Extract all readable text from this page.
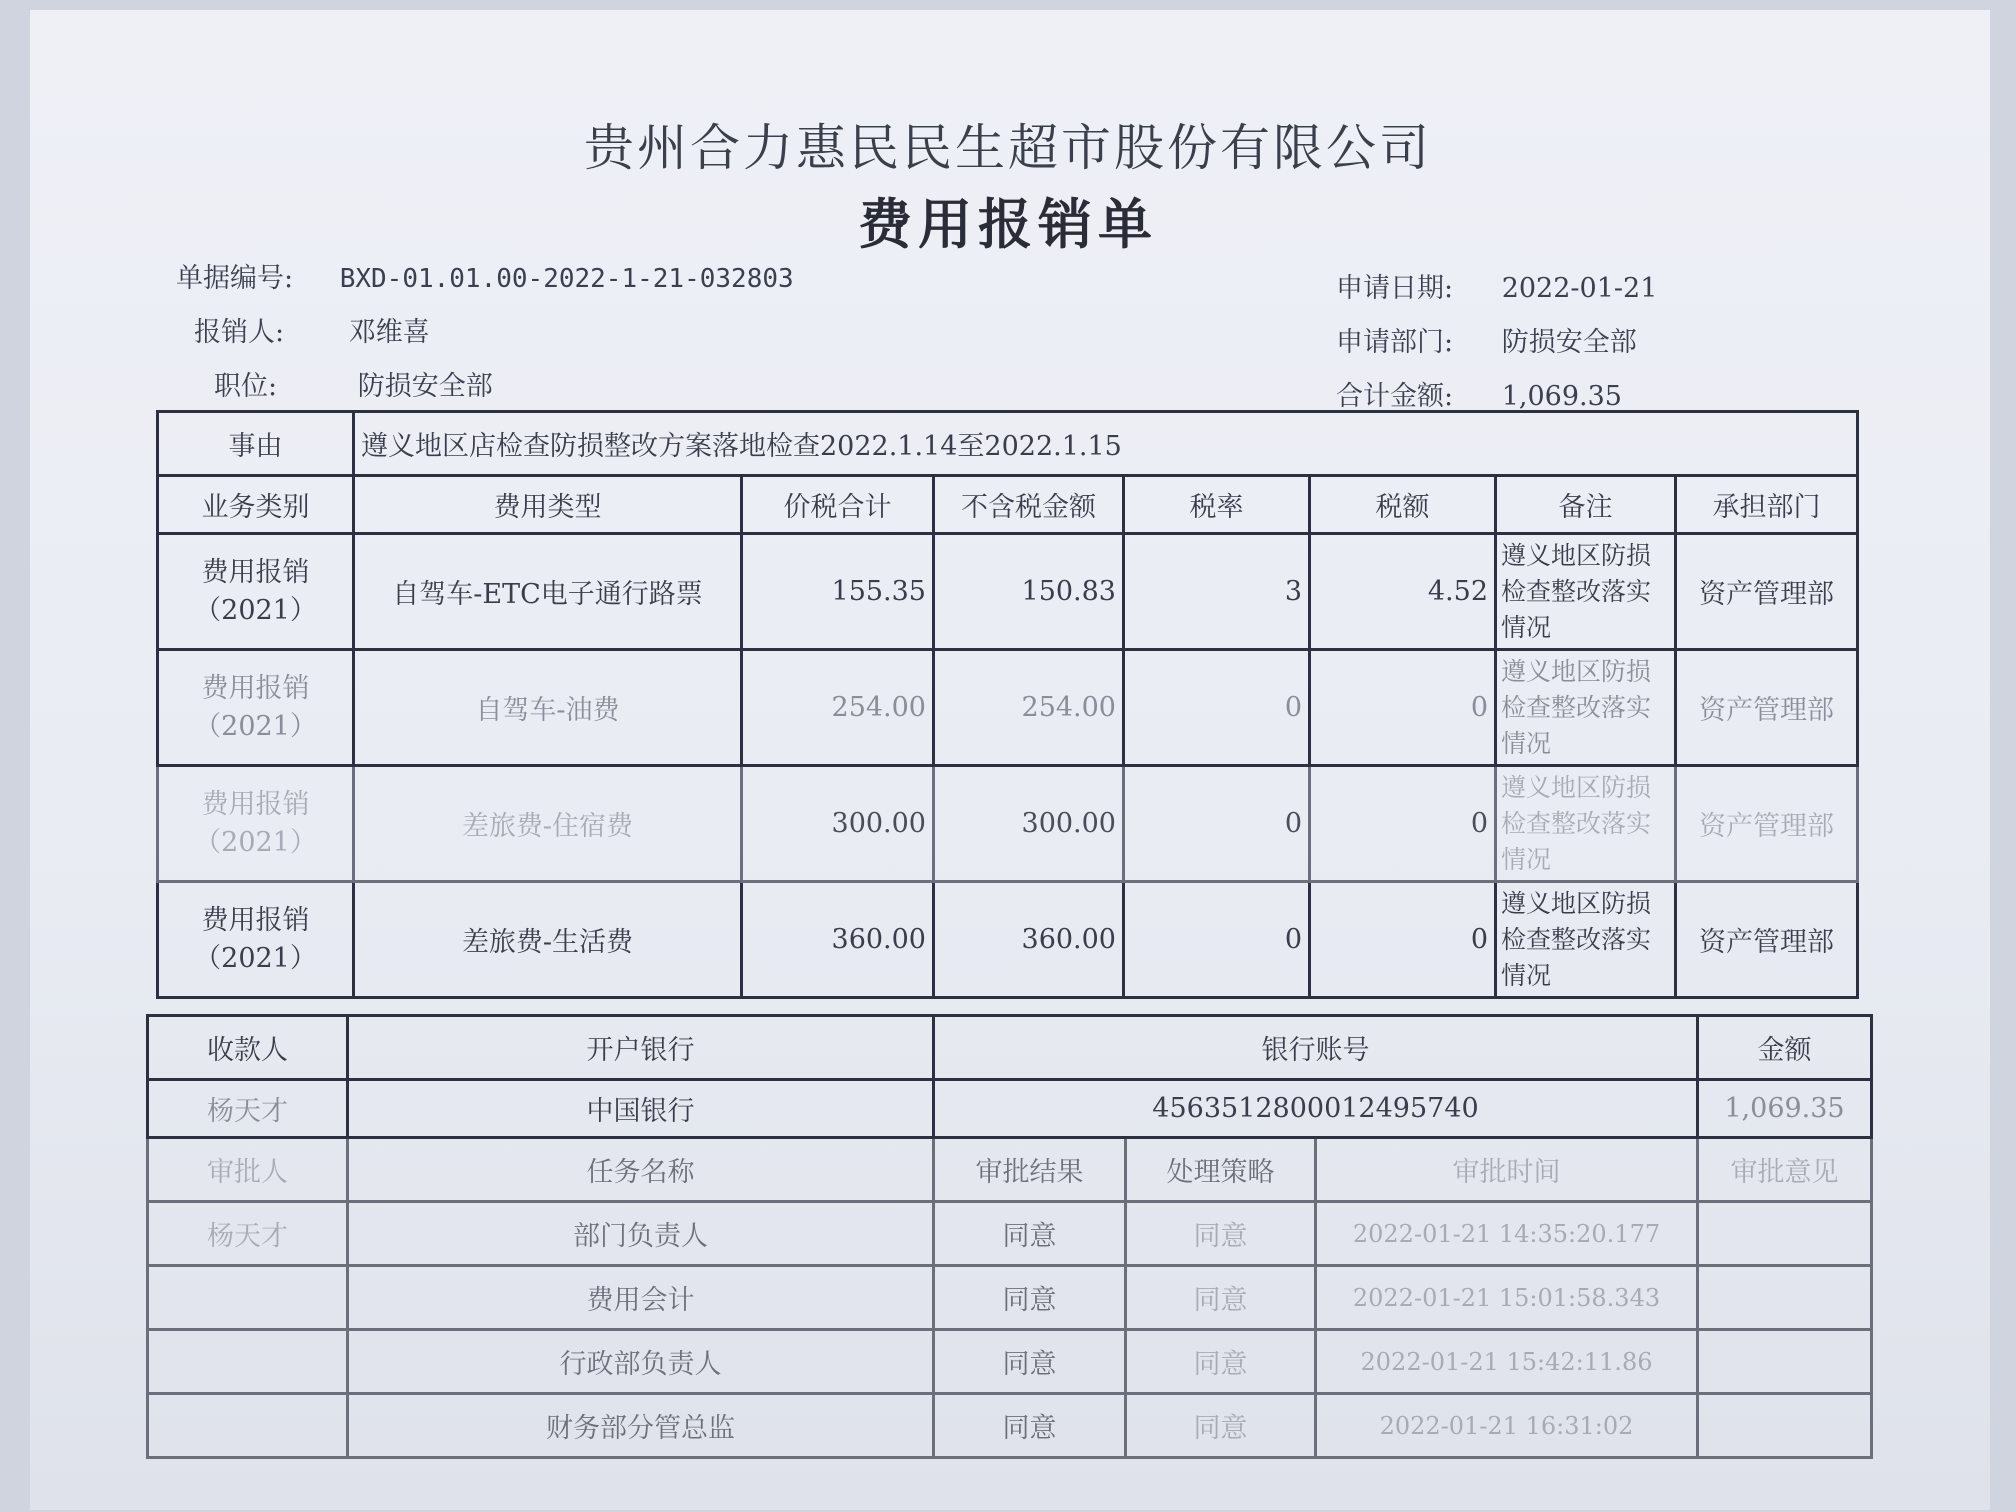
贵州合力惠民民生超市股份有限公司
费用报销单
单据编号: BXD-01.01.00-2022-1-21-032803
报销人: 邓维喜
职位:	防损安全部
申请日期: 2022-01-21
申请部门: 防损安全部
合计金额: 1,069.35
事由	遵义地区店检查防损整改方案落地检查2022.1.14至2022.1.15						
业务类别	费用类型	价税合计	不含税金额	税率	税额	备注	承担部门
费用报销（2021）	自驾车-ETC电子通行路票	155.35	150.83	3	4.52	遵义地区防损检查整改落实情况	资产管理部
费用报销（2021）	自驾车-油费	254.00	254.00	0	0	遵义地区防损检查整改落实情况	资产管理部
费用报销（2021）	差旅费-住宿费	300.00	300.00	0	0	遵义地区防损检查整改落实情况	资产管理部
费用报销（2021）	差旅费-生活费	360.00	360.00	0	0	遵义地区防损检查整改落实情况	资产管理部
收款人	开户银行	银行账号			金额
杨天才	中国银行	4563512800012495740			1,069.35
审批人	任务名称	审批结果	处理策略	审批时间	审批意见
杨天才	部门负责人	同意	同意	2022-01-21 14:35:20.177	
	费用会计	同意	同意	2022-01-21 15:01:58.343	
	行政部负责人	同意	同意	2022-01-21 15:42:11.86	
	财务部分管总监	同意	同意	2022-01-21 16:31:02	
